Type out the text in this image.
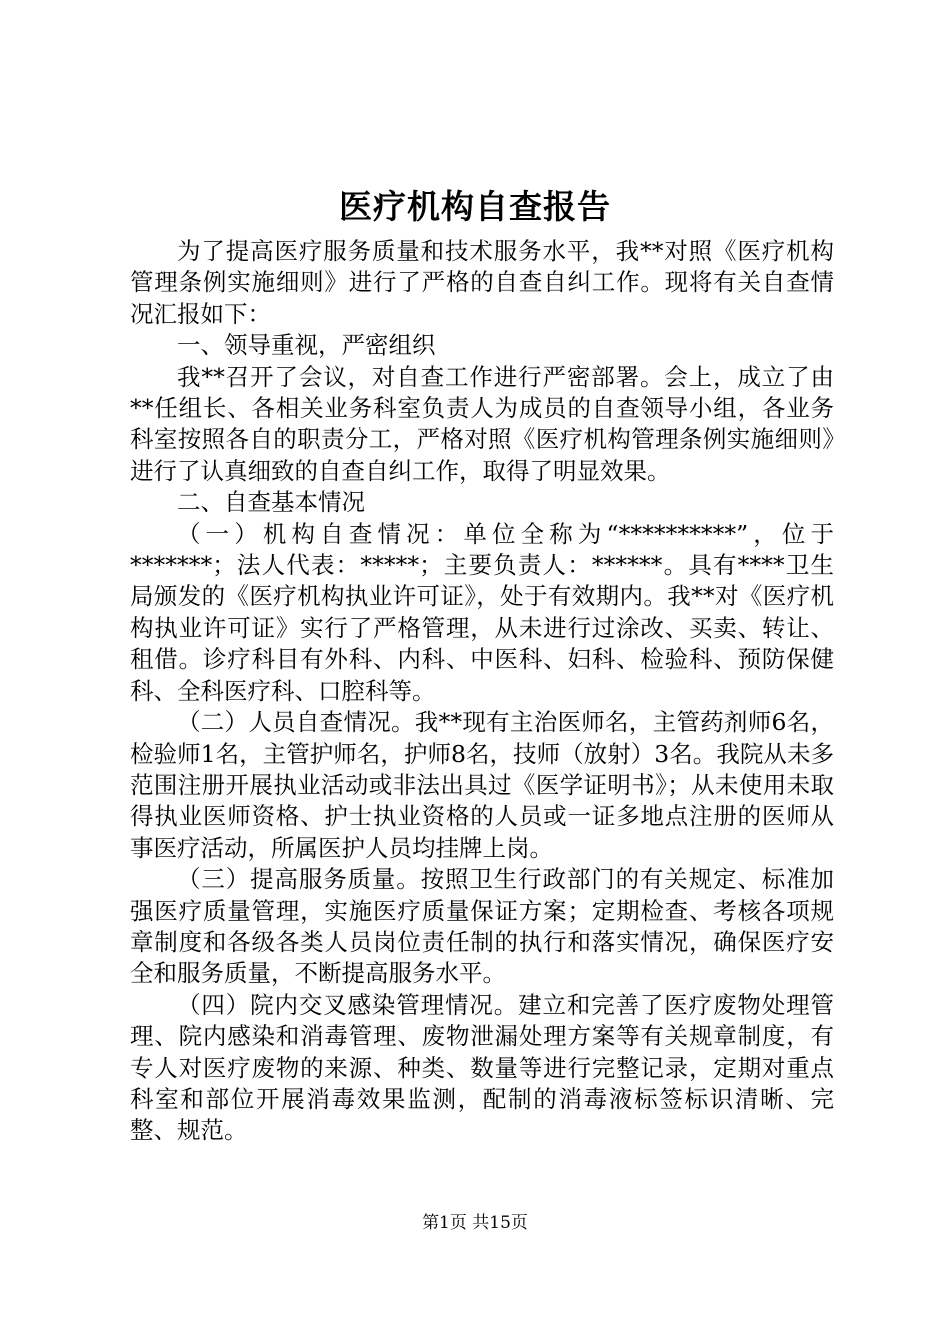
医疗机构自查报告

为了提高医疗服务质量和技术服务水平，我**对照《医疗机构管理条例实施细则》进行了严格的自查自纠工作。现将有关自查情况汇报如下：

一、领导重视，严密组织

我**召开了会议，对自查工作进行严密部署。会上，成立了由**任组长、各相关业务科室负责人为成员的自查领导小组，各业务科室按照各自的职责分工，严格对照《医疗机构管理条例实施细则》进行了认真细致的自查自纠工作，取得了明显效果。

二、自查基本情况

（一）机构自查情况：单位全称为“**********”，位于*******；法人代表：*****；主要负责人：******。具有****卫生局颁发的《医疗机构执业许可证》，处于有效期内。我**对《医疗机构执业许可证》实行了严格管理，从未进行过涂改、买卖、转让、租借。诊疗科目有外科、内科、中医科、妇科、检验科、预防保健科、全科医疗科、口腔科等。

（二）人员自查情况。我**现有主治医师名，主管药剂师6名，检验师1名，主管护师名，护师8名，技师（放射）3名。我院从未多范围注册开展执业活动或非法出具过《医学证明书》；从未使用未取得执业医师资格、护士执业资格的人员或一证多地点注册的医师从事医疗活动，所属医护人员均挂牌上岗。

（三）提高服务质量。按照卫生行政部门的有关规定、标准加强医疗质量管理，实施医疗质量保证方案；定期检查、考核各项规章制度和各级各类人员岗位责任制的执行和落实情况，确保医疗安全和服务质量，不断提高服务水平。

（四）院内交叉感染管理情况。建立和完善了医疗废物处理管理、院内感染和消毒管理、废物泄漏处理方案等有关规章制度，有专人对医疗废物的来源、种类、数量等进行完整记录，定期对重点科室和部位开展消毒效果监测，配制的消毒液标签标识清晰、完整、规范。

第1页 共15页
